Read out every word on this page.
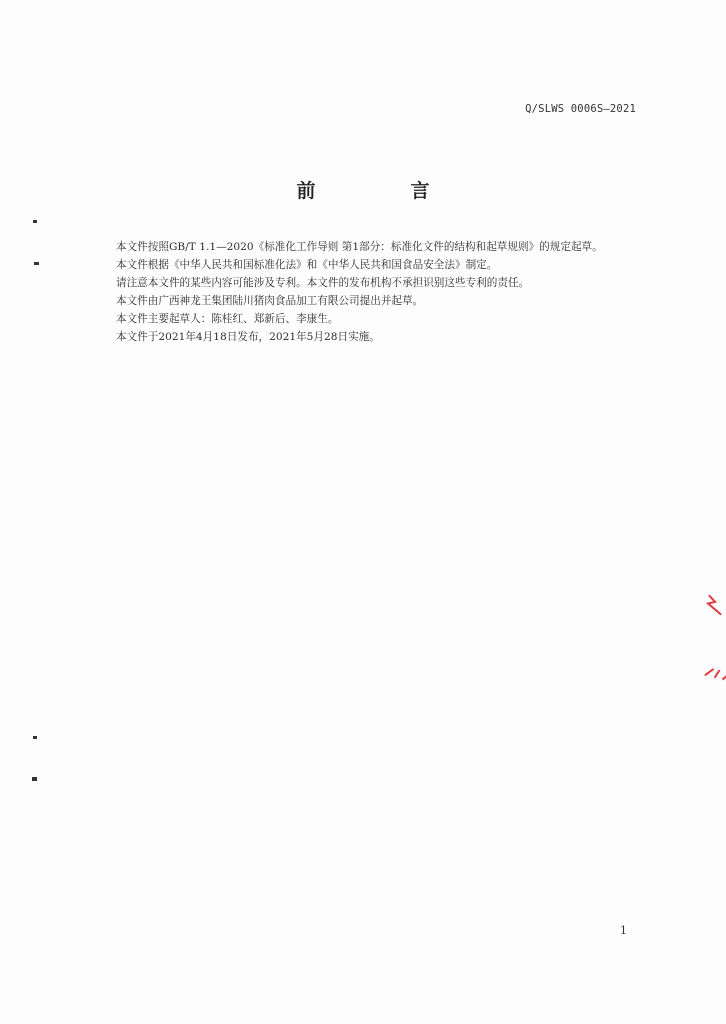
Q/SLWS 0006S—2021
前　言

本文件按照GB/T 1.1—2020《标准化工作导则 第1部分：标准化文件的结构和起草规则》的规定起草。

本文件根据《中华人民共和国标准化法》和《中华人民共和国食品安全法》制定。

请注意本文件的某些内容可能涉及专利。本文件的发布机构不承担识别这些专利的责任。

本文件由广西神龙王集团陆川猪肉食品加工有限公司提出并起草。

本文件主要起草人：陈桂红、郑新后、李康生。

本文件于2021年4月18日发布，2021年5月28日实施。

1
